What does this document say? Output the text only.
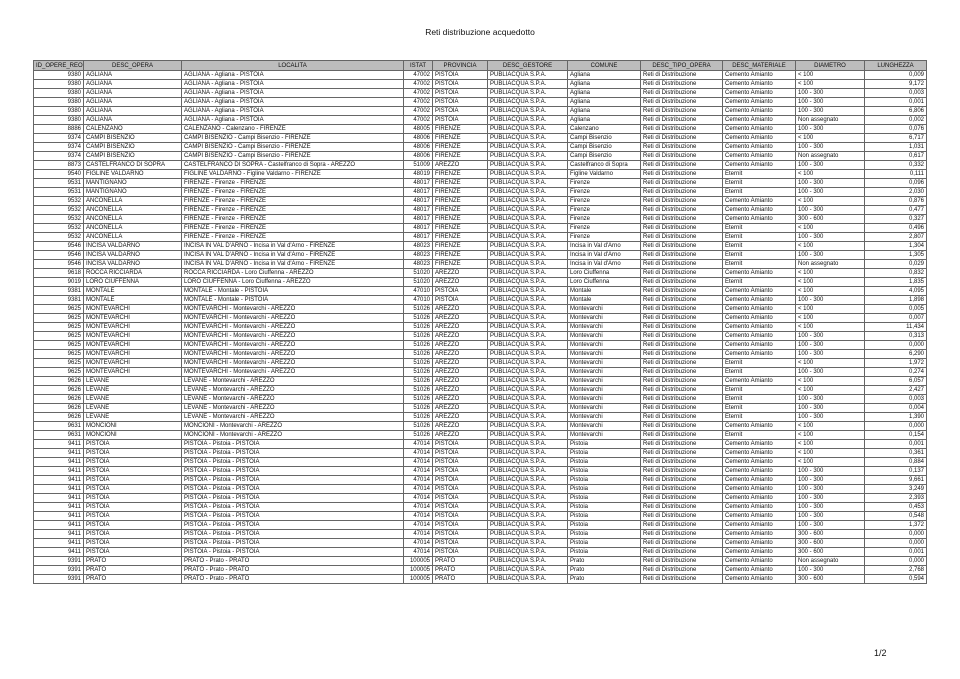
Reti distribuzione acquedotto
ID_OPERE_REO	DESC_OPERA	LOCALITA	ISTAT	PROVINCIA	DESC_GESTORE	COMUNE	DESC_TIPO_OPERA	DESC_MATERIALE	DIAMETRO	LUNGHEZZA
9380	AGLIANA	AGLIANA - Agliana - PISTOIA	47002	PISTOIA	PUBLIACQUA S.P.A.	Agliana	Reti di Distribuzione	Cemento Amianto	< 100	0,009
9380	AGLIANA	AGLIANA - Agliana - PISTOIA	47002	PISTOIA	PUBLIACQUA S.P.A.	Agliana	Reti di Distribuzione	Cemento Amianto	< 100	9,172
9380	AGLIANA	AGLIANA - Agliana - PISTOIA	47002	PISTOIA	PUBLIACQUA S.P.A.	Agliana	Reti di Distribuzione	Cemento Amianto	100 - 300	0,003
9380	AGLIANA	AGLIANA - Agliana - PISTOIA	47002	PISTOIA	PUBLIACQUA S.P.A.	Agliana	Reti di Distribuzione	Cemento Amianto	100 - 300	0,001
9380	AGLIANA	AGLIANA - Agliana - PISTOIA	47002	PISTOIA	PUBLIACQUA S.P.A.	Agliana	Reti di Distribuzione	Cemento Amianto	100 - 300	6,806
9380	AGLIANA	AGLIANA - Agliana - PISTOIA	47002	PISTOIA	PUBLIACQUA S.P.A.	Agliana	Reti di Distribuzione	Cemento Amianto	Non assegnato	0,002
8886	CALENZANO	CALENZANO - Calenzano - FIRENZE	48005	FIRENZE	PUBLIACQUA S.P.A.	Calenzano	Reti di Distribuzione	Cemento Amianto	100 - 300	0,076
9374	CAMPI BISENZIO	CAMPI BISENZIO - Campi Bisenzio - FIRENZE	48006	FIRENZE	PUBLIACQUA S.P.A.	Campi Bisenzio	Reti di Distribuzione	Cemento Amianto	< 100	6,717
9374	CAMPI BISENZIO	CAMPI BISENZIO - Campi Bisenzio - FIRENZE	48006	FIRENZE	PUBLIACQUA S.P.A.	Campi Bisenzio	Reti di Distribuzione	Cemento Amianto	100 - 300	1,031
9374	CAMPI BISENZIO	CAMPI BISENZIO - Campi Bisenzio - FIRENZE	48006	FIRENZE	PUBLIACQUA S.P.A.	Campi Bisenzio	Reti di Distribuzione	Cemento Amianto	Non assegnato	0,617
8873	CASTELFRANCO DI SOPRA	CASTELFRANCO DI SOPRA - Castelfranco di Sopra - AREZZO	51009	AREZZO	PUBLIACQUA S.P.A.	Castelfranco di Sopra	Reti di Distribuzione	Cemento Amianto	100 - 300	0,332
9540	FIGLINE VALDARNO	FIGLINE VALDARNO - Figline Valdarno - FIRENZE	48019	FIRENZE	PUBLIACQUA S.P.A.	Figline Valdarno	Reti di Distribuzione	Eternit	< 100	0,111
9531	MANTIGNANO	FIRENZE - Firenze - FIRENZE	48017	FIRENZE	PUBLIACQUA S.P.A.	Firenze	Reti di Distribuzione	Eternit	100 - 300	0,096
9531	MANTIGNANO	FIRENZE - Firenze - FIRENZE	48017	FIRENZE	PUBLIACQUA S.P.A.	Firenze	Reti di Distribuzione	Eternit	100 - 300	2,030
9532	ANCONELLA	FIRENZE - Firenze - FIRENZE	48017	FIRENZE	PUBLIACQUA S.P.A.	Firenze	Reti di Distribuzione	Cemento Amianto	< 100	0,876
9532	ANCONELLA	FIRENZE - Firenze - FIRENZE	48017	FIRENZE	PUBLIACQUA S.P.A.	Firenze	Reti di Distribuzione	Cemento Amianto	100 - 300	0,477
9532	ANCONELLA	FIRENZE - Firenze - FIRENZE	48017	FIRENZE	PUBLIACQUA S.P.A.	Firenze	Reti di Distribuzione	Cemento Amianto	300 - 600	0,327
9532	ANCONELLA	FIRENZE - Firenze - FIRENZE	48017	FIRENZE	PUBLIACQUA S.P.A.	Firenze	Reti di Distribuzione	Eternit	< 100	0,496
9532	ANCONELLA	FIRENZE - Firenze - FIRENZE	48017	FIRENZE	PUBLIACQUA S.P.A.	Firenze	Reti di Distribuzione	Eternit	100 - 300	2,807
9546	INCISA VALDARNO	INCISA IN VAL D'ARNO - Incisa in Val d'Arno - FIRENZE	48023	FIRENZE	PUBLIACQUA S.P.A.	Incisa in Val d'Arno	Reti di Distribuzione	Eternit	< 100	1,304
9546	INCISA VALDARNO	INCISA IN VAL D'ARNO - Incisa in Val d'Arno - FIRENZE	48023	FIRENZE	PUBLIACQUA S.P.A.	Incisa in Val d'Arno	Reti di Distribuzione	Eternit	100 - 300	1,305
9546	INCISA VALDARNO	INCISA IN VAL D'ARNO - Incisa in Val d'Arno - FIRENZE	48023	FIRENZE	PUBLIACQUA S.P.A.	Incisa in Val d'Arno	Reti di Distribuzione	Eternit	Non assegnato	0,029
9618	ROCCA RICCIARDA	ROCCA RICCIARDA - Loro Ciuffenna - AREZZO	51020	AREZZO	PUBLIACQUA S.P.A.	Loro Ciuffenna	Reti di Distribuzione	Cemento Amianto	< 100	0,832
9019	LORO CIUFFENNA	LORO CIUFFENNA - Loro Ciuffenna - AREZZO	51020	AREZZO	PUBLIACQUA S.P.A.	Loro Ciuffenna	Reti di Distribuzione	Eternit	< 100	1,835
9381	MONTALE	MONTALE - Montale - PISTOIA	47010	PISTOIA	PUBLIACQUA S.P.A.	Montale	Reti di Distribuzione	Cemento Amianto	< 100	4,095
9381	MONTALE	MONTALE - Montale - PISTOIA	47010	PISTOIA	PUBLIACQUA S.P.A.	Montale	Reti di Distribuzione	Cemento Amianto	100 - 300	1,898
9625	MONTEVARCHI	MONTEVARCHI - Montevarchi - AREZZO	51026	AREZZO	PUBLIACQUA S.P.A.	Montevarchi	Reti di Distribuzione	Cemento Amianto	< 100	0,005
9625	MONTEVARCHI	MONTEVARCHI - Montevarchi - AREZZO	51026	AREZZO	PUBLIACQUA S.P.A.	Montevarchi	Reti di Distribuzione	Cemento Amianto	< 100	0,007
9625	MONTEVARCHI	MONTEVARCHI - Montevarchi - AREZZO	51026	AREZZO	PUBLIACQUA S.P.A.	Montevarchi	Reti di Distribuzione	Cemento Amianto	< 100	11,434
9625	MONTEVARCHI	MONTEVARCHI - Montevarchi - AREZZO	51026	AREZZO	PUBLIACQUA S.P.A.	Montevarchi	Reti di Distribuzione	Cemento Amianto	100 - 300	0,313
9625	MONTEVARCHI	MONTEVARCHI - Montevarchi - AREZZO	51026	AREZZO	PUBLIACQUA S.P.A.	Montevarchi	Reti di Distribuzione	Cemento Amianto	100 - 300	0,000
9625	MONTEVARCHI	MONTEVARCHI - Montevarchi - AREZZO	51026	AREZZO	PUBLIACQUA S.P.A.	Montevarchi	Reti di Distribuzione	Cemento Amianto	100 - 300	6,290
9625	MONTEVARCHI	MONTEVARCHI - Montevarchi - AREZZO	51026	AREZZO	PUBLIACQUA S.P.A.	Montevarchi	Reti di Distribuzione	Eternit	< 100	1,972
9625	MONTEVARCHI	MONTEVARCHI - Montevarchi - AREZZO	51026	AREZZO	PUBLIACQUA S.P.A.	Montevarchi	Reti di Distribuzione	Eternit	100 - 300	0,274
9626	LEVANE	LEVANE - Montevarchi - AREZZO	51026	AREZZO	PUBLIACQUA S.P.A.	Montevarchi	Reti di Distribuzione	Cemento Amianto	< 100	6,057
9626	LEVANE	LEVANE - Montevarchi - AREZZO	51026	AREZZO	PUBLIACQUA S.P.A.	Montevarchi	Reti di Distribuzione	Eternit	< 100	2,427
9626	LEVANE	LEVANE - Montevarchi - AREZZO	51026	AREZZO	PUBLIACQUA S.P.A.	Montevarchi	Reti di Distribuzione	Eternit	100 - 300	0,003
9626	LEVANE	LEVANE - Montevarchi - AREZZO	51026	AREZZO	PUBLIACQUA S.P.A.	Montevarchi	Reti di Distribuzione	Eternit	100 - 300	0,004
9626	LEVANE	LEVANE - Montevarchi - AREZZO	51026	AREZZO	PUBLIACQUA S.P.A.	Montevarchi	Reti di Distribuzione	Eternit	100 - 300	1,390
9631	MONCIONI	MONCIONI - Montevarchi - AREZZO	51026	AREZZO	PUBLIACQUA S.P.A.	Montevarchi	Reti di Distribuzione	Cemento Amianto	< 100	0,000
9631	MONCIONI	MONCIONI - Montevarchi - AREZZO	51026	AREZZO	PUBLIACQUA S.P.A.	Montevarchi	Reti di Distribuzione	Eternit	< 100	0,154
9411	PISTOIA	PISTOIA - Pistoia - PISTOIA	47014	PISTOIA	PUBLIACQUA S.P.A.	Pistoia	Reti di Distribuzione	Cemento Amianto	< 100	0,001
9411	PISTOIA	PISTOIA - Pistoia - PISTOIA	47014	PISTOIA	PUBLIACQUA S.P.A.	Pistoia	Reti di Distribuzione	Cemento Amianto	< 100	0,361
9411	PISTOIA	PISTOIA - Pistoia - PISTOIA	47014	PISTOIA	PUBLIACQUA S.P.A.	Pistoia	Reti di Distribuzione	Cemento Amianto	< 100	0,884
9411	PISTOIA	PISTOIA - Pistoia - PISTOIA	47014	PISTOIA	PUBLIACQUA S.P.A.	Pistoia	Reti di Distribuzione	Cemento Amianto	100 - 300	0,137
9411	PISTOIA	PISTOIA - Pistoia - PISTOIA	47014	PISTOIA	PUBLIACQUA S.P.A.	Pistoia	Reti di Distribuzione	Cemento Amianto	100 - 300	9,661
9411	PISTOIA	PISTOIA - Pistoia - PISTOIA	47014	PISTOIA	PUBLIACQUA S.P.A.	Pistoia	Reti di Distribuzione	Cemento Amianto	100 - 300	3,249
9411	PISTOIA	PISTOIA - Pistoia - PISTOIA	47014	PISTOIA	PUBLIACQUA S.P.A.	Pistoia	Reti di Distribuzione	Cemento Amianto	100 - 300	2,393
9411	PISTOIA	PISTOIA - Pistoia - PISTOIA	47014	PISTOIA	PUBLIACQUA S.P.A.	Pistoia	Reti di Distribuzione	Cemento Amianto	100 - 300	0,453
9411	PISTOIA	PISTOIA - Pistoia - PISTOIA	47014	PISTOIA	PUBLIACQUA S.P.A.	Pistoia	Reti di Distribuzione	Cemento Amianto	100 - 300	0,548
9411	PISTOIA	PISTOIA - Pistoia - PISTOIA	47014	PISTOIA	PUBLIACQUA S.P.A.	Pistoia	Reti di Distribuzione	Cemento Amianto	100 - 300	1,372
9411	PISTOIA	PISTOIA - Pistoia - PISTOIA	47014	PISTOIA	PUBLIACQUA S.P.A.	Pistoia	Reti di Distribuzione	Cemento Amianto	300 - 600	0,000
9411	PISTOIA	PISTOIA - Pistoia - PISTOIA	47014	PISTOIA	PUBLIACQUA S.P.A.	Pistoia	Reti di Distribuzione	Cemento Amianto	300 - 600	0,000
9411	PISTOIA	PISTOIA - Pistoia - PISTOIA	47014	PISTOIA	PUBLIACQUA S.P.A.	Pistoia	Reti di Distribuzione	Cemento Amianto	300 - 600	0,001
9391	PRATO	PRATO - Prato - PRATO	100005	PRATO	PUBLIACQUA S.P.A.	Prato	Reti di Distribuzione	Cemento Amianto	Non assegnato	0,000
9391	PRATO	PRATO - Prato - PRATO	100005	PRATO	PUBLIACQUA S.P.A.	Prato	Reti di Distribuzione	Cemento Amianto	100 - 300	2,768
9391	PRATO	PRATO - Prato - PRATO	100005	PRATO	PUBLIACQUA S.P.A.	Prato	Reti di Distribuzione	Cemento Amianto	300 - 600	0,594
1/2
